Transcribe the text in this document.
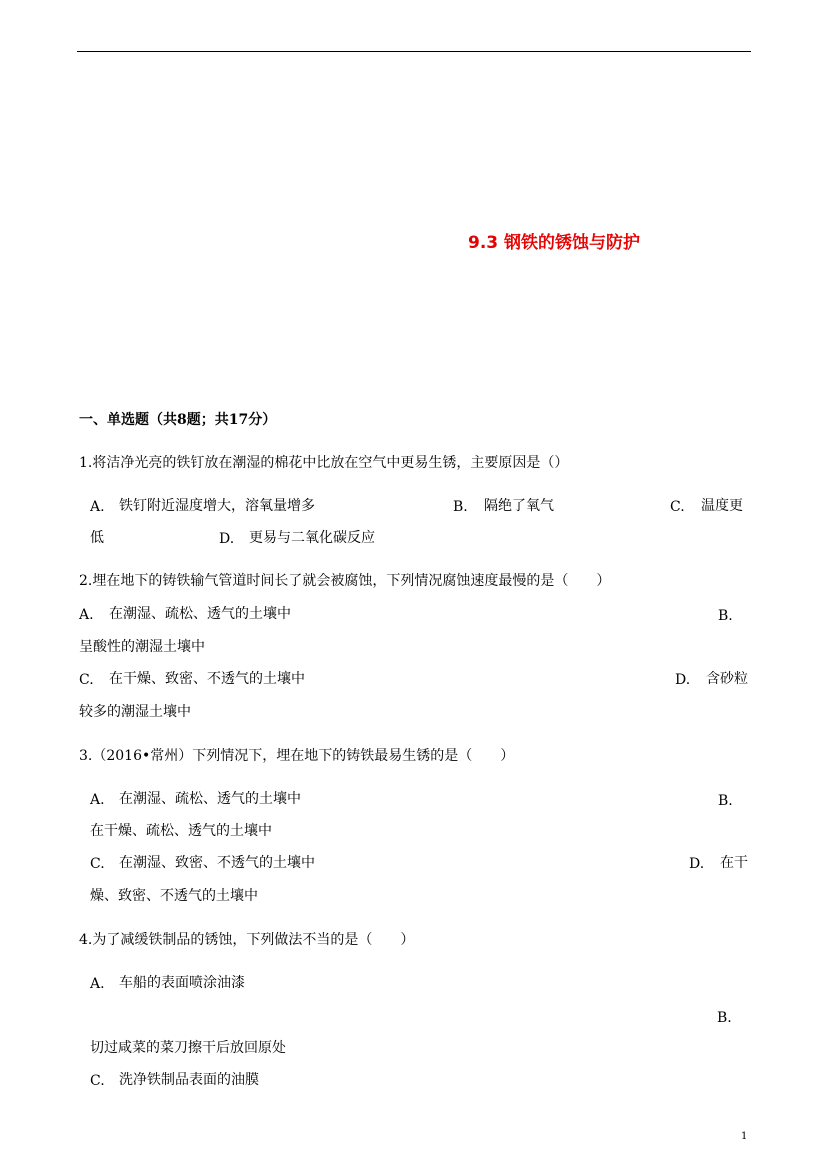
9.3 钢铁的锈蚀与防护
一、单选题（共8题；共17分）
1.将洁净光亮的铁钉放在潮湿的棉花中比放在空气中更易生锈，主要原因是（）
A. 铁钉附近湿度增大，溶氧量增多	B. 隔绝了氧气	C. 温度更
低	D. 更易与二氧化碳反应
2.埋在地下的铸铁输气管道时间长了就会被腐蚀，下列情况腐蚀速度最慢的是（　　）
A. 在潮湿、疏松、透气的土壤中	B.
呈酸性的潮湿土壤中
C. 在干燥、致密、不透气的土壤中	D. 含砂粒
较多的潮湿土壤中
3.（2016•常州）下列情况下，埋在地下的铸铁最易生锈的是（　　）
A. 在潮湿、疏松、透气的土壤中	B.
在干燥、疏松、透气的土壤中
C. 在潮湿、致密、不透气的土壤中	D. 在干
燥、致密、不透气的土壤中
4.为了减缓铁制品的锈蚀，下列做法不当的是（　　）
A. 车船的表面喷涂油漆
B.
切过咸菜的菜刀擦干后放回原处
C. 洗净铁制品表面的油膜
1
